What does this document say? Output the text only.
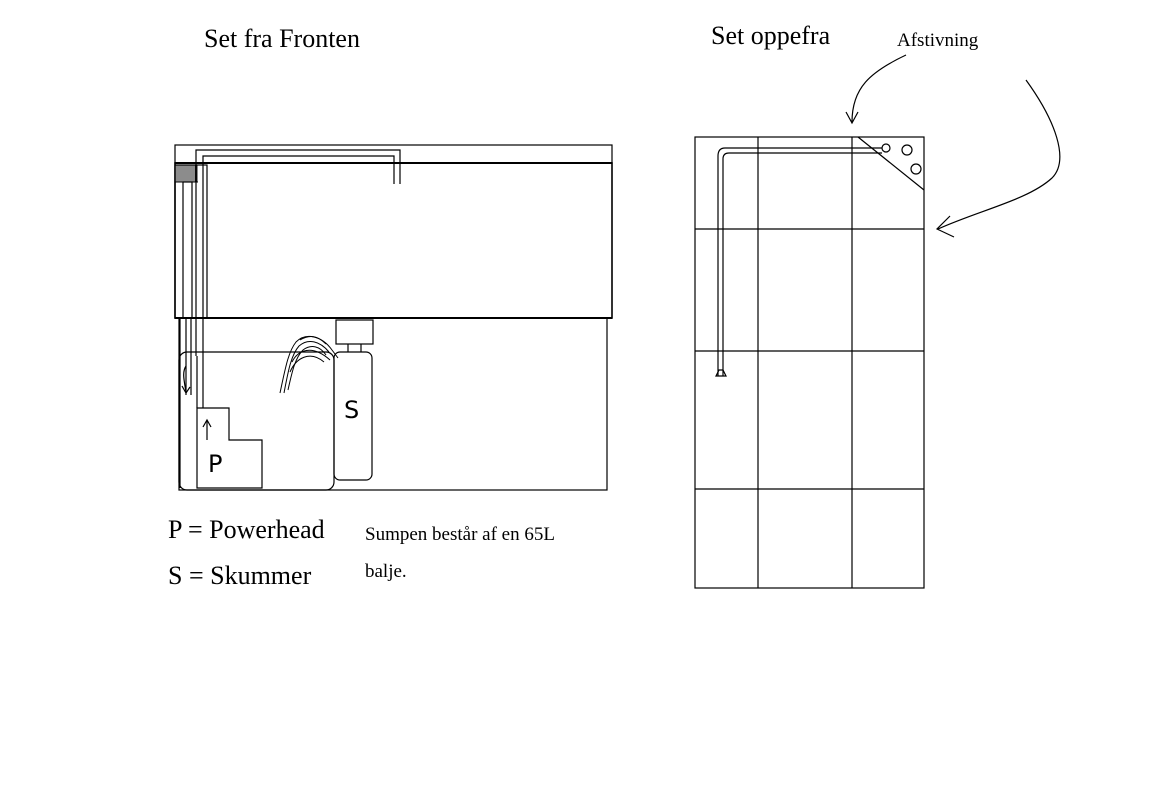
P
S
Set fra Fronten	Set oppefra	Afstivning
P = Powerhead
S = Skummer
Sumpen består af en 65L
balje.
